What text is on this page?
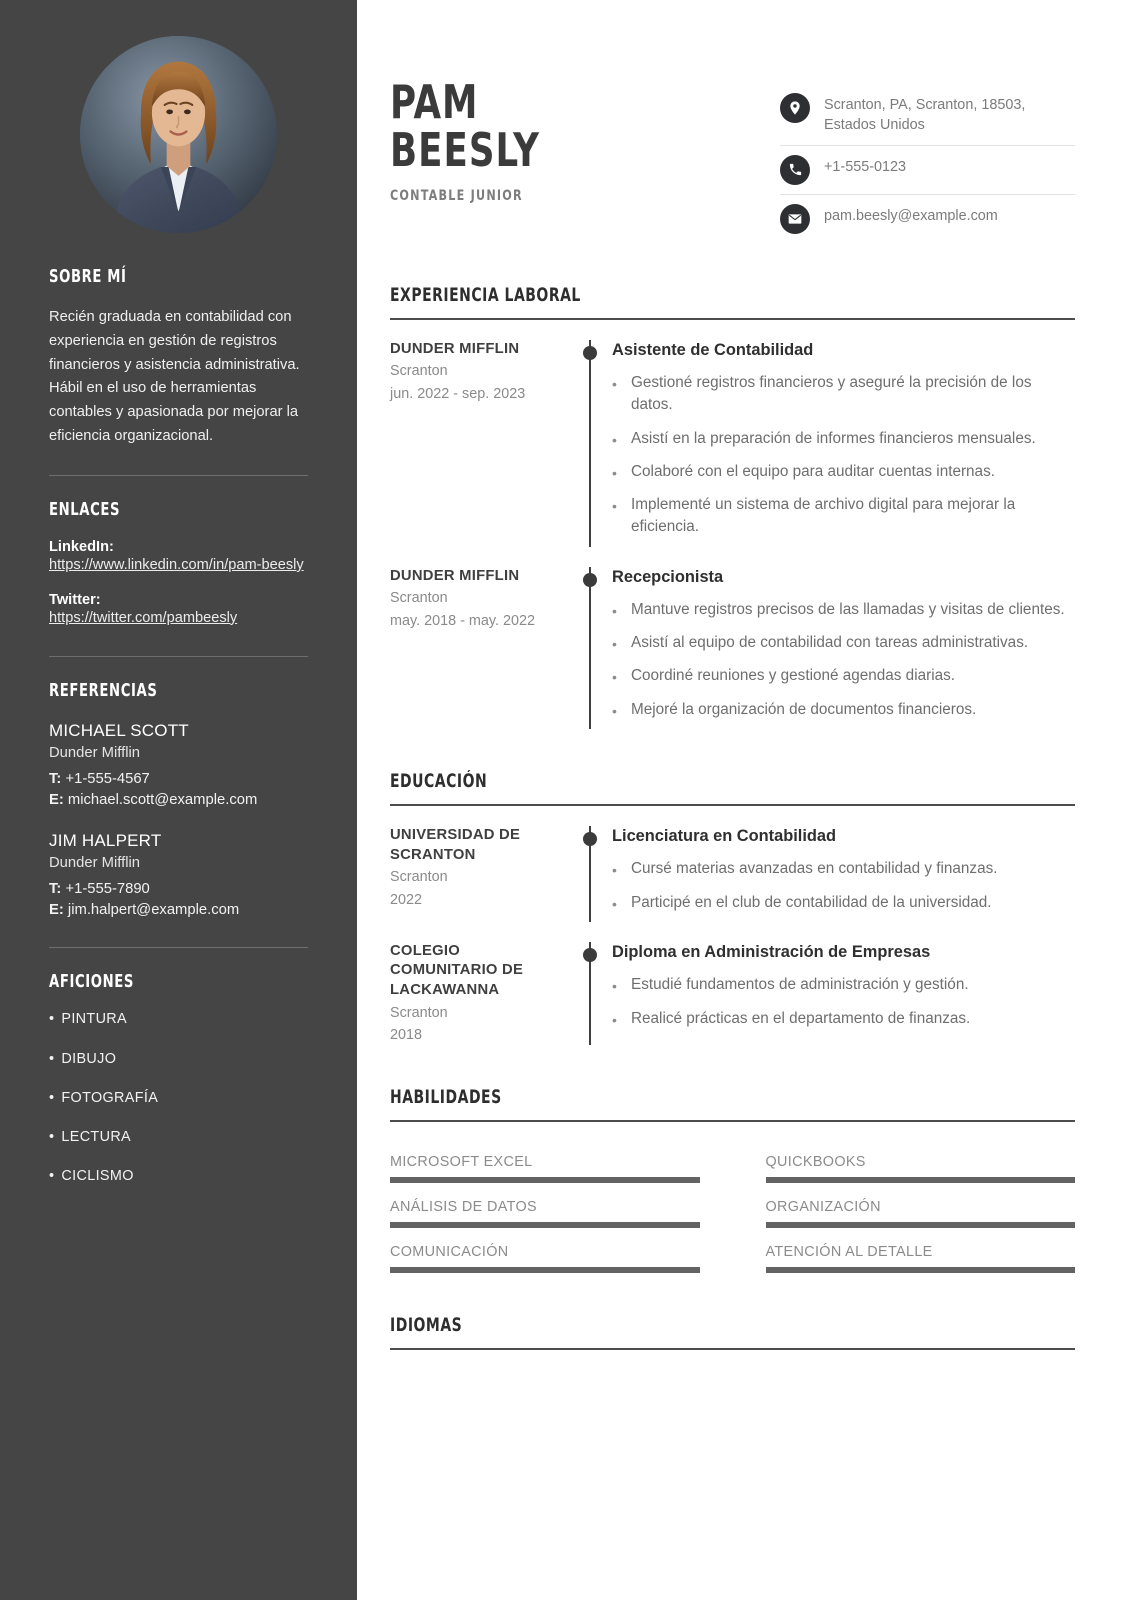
SOBRE MÍ
Recién graduada en contabilidad con experiencia en gestión de registros financieros y asistencia administrativa. Hábil en el uso de herramientas contables y apasionada por mejorar la eficiencia organizacional.
ENLACES
LinkedIn:
https://www.linkedin.com/in/pam-beesly
Twitter:
https://twitter.com/pambeesly
REFERENCIAS
MICHAEL SCOTT
Dunder Mifflin
T: +1-555-4567
E: michael.scott@example.com
JIM HALPERT
Dunder Mifflin
T: +1-555-7890
E: jim.halpert@example.com
AFICIONES
• PINTURA
• DIBUJO
• FOTOGRAFÍA
• LECTURA
• CICLISMO
PAM
BEESLY
CONTABLE JUNIOR
Scranton, PA, Scranton, 18503, Estados Unidos
+1-555-0123
pam.beesly@example.com
EXPERIENCIA LABORAL
DUNDER MIFFLIN
Scranton
jun. 2022 - sep. 2023
Asistente de Contabilidad
• Gestioné registros financieros y aseguré la precisión de los datos.
• Asistí en la preparación de informes financieros mensuales.
• Colaboré con el equipo para auditar cuentas internas.
• Implementé un sistema de archivo digital para mejorar la eficiencia.
DUNDER MIFFLIN
Scranton
may. 2018 - may. 2022
Recepcionista
• Mantuve registros precisos de las llamadas y visitas de clientes.
• Asistí al equipo de contabilidad con tareas administrativas.
• Coordiné reuniones y gestioné agendas diarias.
• Mejoré la organización de documentos financieros.
EDUCACIÓN
UNIVERSIDAD DE SCRANTON
Scranton
2022
Licenciatura en Contabilidad
• Cursé materias avanzadas en contabilidad y finanzas.
• Participé en el club de contabilidad de la universidad.
COLEGIO COMUNITARIO DE LACKAWANNA
Scranton
2018
Diploma en Administración de Empresas
• Estudié fundamentos de administración y gestión.
• Realicé prácticas en el departamento de finanzas.
HABILIDADES
MICROSOFT EXCEL
ANÁLISIS DE DATOS
COMUNICACIÓN
QUICKBOOKS
ORGANIZACIÓN
ATENCIÓN AL DETALLE
IDIOMAS
